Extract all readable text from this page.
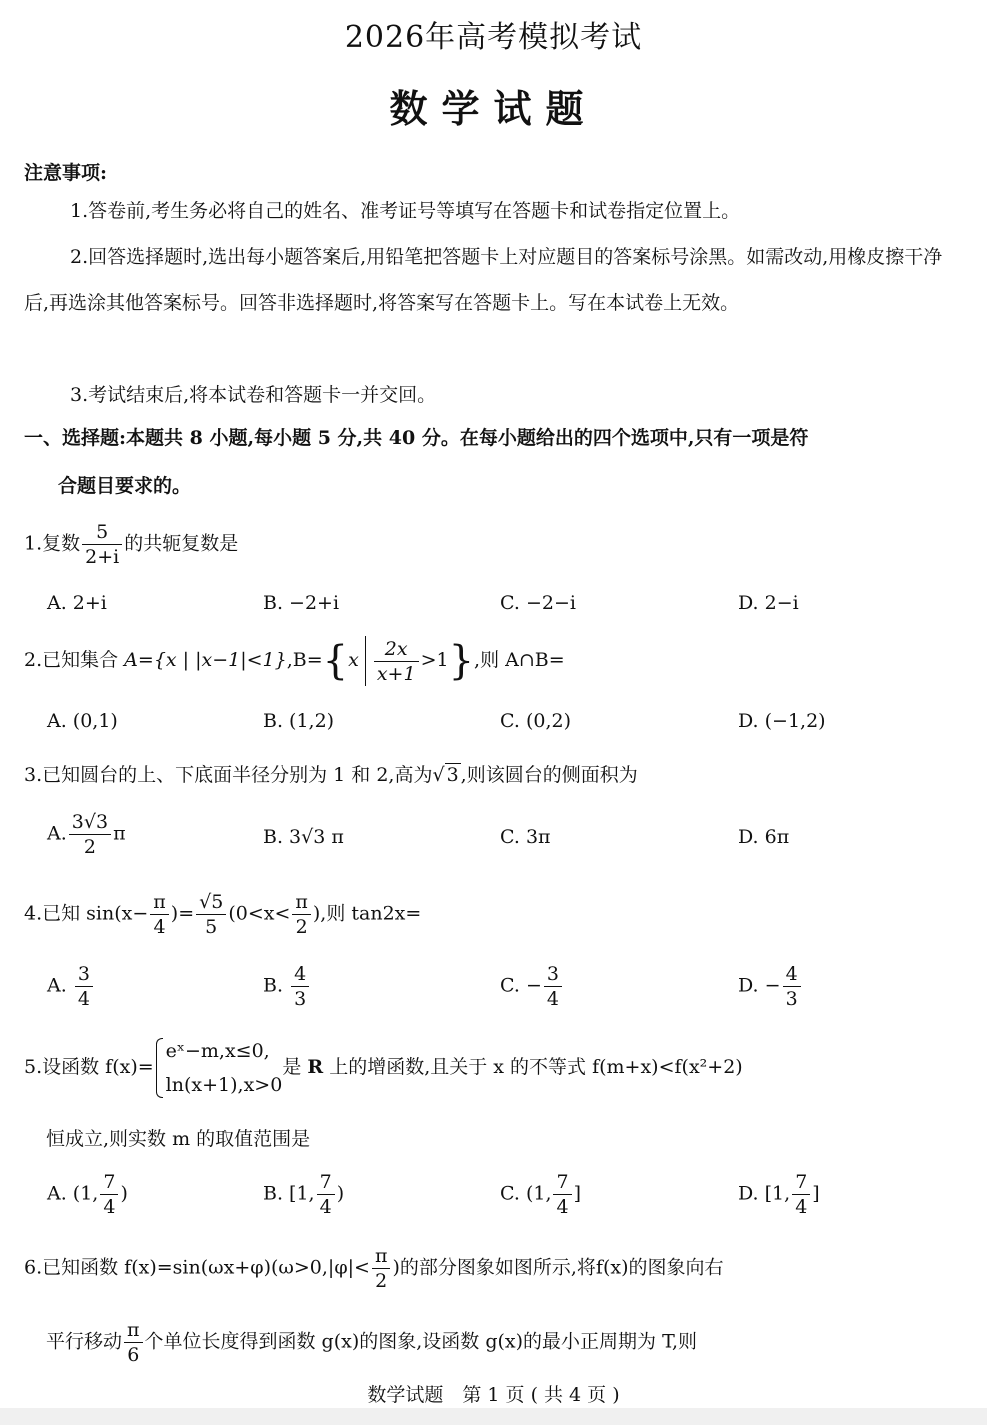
2026年高考模拟考试
数学试题
注意事项:
1.答卷前,考生务必将自己的姓名、准考证号等填写在答题卡和试卷指定位置上。
2.回答选择题时,选出每小题答案后,用铅笔把答题卡上对应题目的答案标号涂黑。如需改动,用橡皮擦干净后,再选涂其他答案标号。回答非选择题时,将答案写在答题卡上。写在本试卷上无效。
3.考试结束后,将本试卷和答题卡一并交回。
一、选择题:本题共 8 小题,每小题 5 分,共 40 分。在每小题给出的四个选项中,只有一项是符
合题目要求的。
1.复数 $\frac{5}{2+i}$ 的共轭复数是
A. 2+i	B. −2+i	C. −2−i	D. 2−i
2.已知集合 A={x | $|x-1|<1\},B=\{x \frac{2x}{x+1} >1\}$,则 A∩B=
A. (0,1)	B. (1,2)	C. (0,2)	D. (−1,2)
3.已知圆台的上、下底面半径分别为 1 和 2,高为√ 3 ,则该圆台的侧面积为
A. $\frac{3√3}{2}$ π	B. 3√3 π	C. 3π	D. 6π
4.已知 $\sin(x- \frac{\pi}{4}$ )= $\frac{√5}{5} (0<x< \frac{\pi}{2}$ ),则 tan2x=
A. $\frac{3}{4}$	B. $\frac{4}{3}$	C. − $\frac{3}{4}$	D. − $\frac{4}{3}$
5.设函数 f(x)=
eˣ−m,x≤0,
ln(x+1),x>0
是 R 上的增函数,且关于 x 的不等式 f(m+x)<f(x²+2)
恒成立,则实数 m 的取值范围是
A. (1, $\frac{7}{4}$ )	B. [1, $\frac{7}{4}$ )	C. (1, $\frac{7}{4}$ ]	D. [1, $\frac{7}{4}$ ]
6.已知函数 $f(x)=\sin(\omega x+\varphi)(\omega>0,|\varphi|< \frac{\pi}{2}$ )的部分图象如图所示,将f(x)的图象向右
平行移动 $\frac{\pi}{6}$ 个单位长度得到函数 g(x)的图象,设函数 g(x)的最小正周期为 T,则
数学试题　第 1 页 ( 共 4 页 )
